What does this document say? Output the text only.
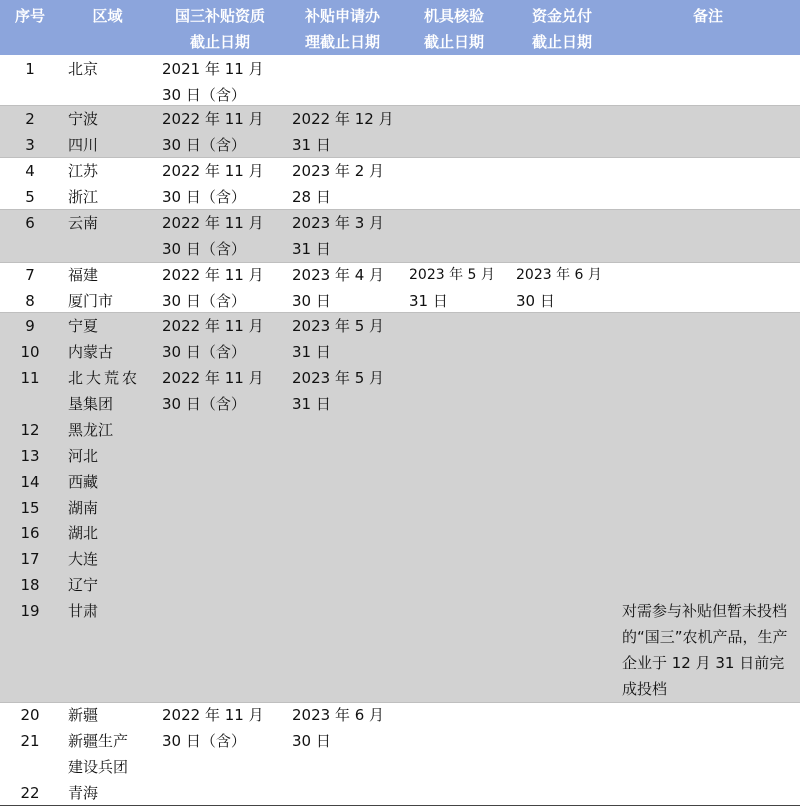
序号	区域	国三补贴资质
截止日期
补贴申请办
理截止日期
机具核验
截止日期
资金兑付
截止日期
备注
1
2
3
4
5
6
7
8
9
10
11
12
13
14
15
16
17
18
19
20
21
22
北京
宁波
四川
江苏
浙江
云南
福建
厦门市
宁夏
内蒙古
北大荒农
垦集团
黑龙江
河北
西藏
湖南
湖北
大连
辽宁
甘肃
新疆
新疆生产
建设兵团
青海
2021 年 11 月
30 日（含）
2022 年 11 月
30 日（含）
2022 年 11 月
30 日（含）
2022 年 11 月
30 日（含）
2022 年 11 月
30 日（含）
2022 年 11 月
30 日（含）
2022 年 11 月
30 日（含）
2022 年 11 月
30 日（含）
2022 年 12 月
31 日
2023 年 2 月
28 日
2023 年 3 月
31 日
2023 年 4 月
30 日
2023 年 5 月
31 日
2023 年 5 月
31 日
2023 年 6 月
30 日
2023 年 5 月
31 日
2023 年 6 月
30 日
对需参与补贴但暂未投档的“国三”农机产品，生产企业于 12 月 31 日前完成投档
